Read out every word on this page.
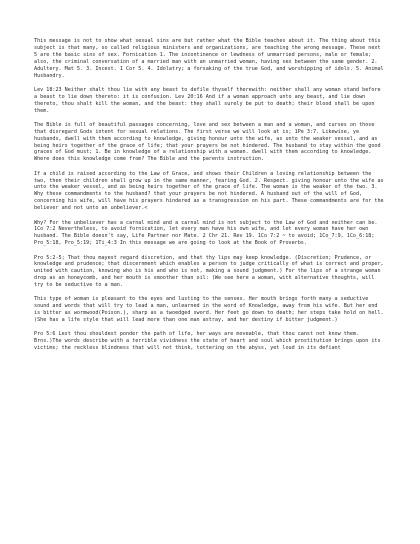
This message is not to show what sexual sins are but rather what the Bible teaches about it. The thing about this subject is that many, so called religious ministers and organizations, are teaching the wrong message. These next 5 are the basic sins of sex. Fornication 1. The incontinence or lewdness of unmarried persons, male or female; also, the criminal conversation of a married man with an unmarried woman, having sex between the same gender. 2. Adultery. Mat 5. 3. Incest. 1 Cor 5. 4. Idolatry; a forsaking of the true God, and worshipping of idols. 5. Animal Husbandry.

Lev 18:23 Neither shalt thou lie with any beast to defile thyself therewith: neither shall any woman stand before a beast to lie down thereto: it is confusion. Lev 20:16 And if a woman approach unto any beast, and lie down thereto, thou shalt kill the woman, and the beast: they shall surely be put to death; their blood shall be upon them.

The Bible is full of beautiful passages concerning, love and sex between a man and a woman, and curses on those that disregard Gods intent for sexual relations. The first verse we will look at is; 1Pe 3:7. Likewise, ye husbands, dwell with them according to knowledge, giving honour unto the wife, as unto the weaker vessel, and as being heirs together of the grace of life; that your prayers be not hindered. The husband to stay within the good graces of God must; 1. Be in knowledge of a relationship with a woman. dwell with them according to knowledge. Where does this knowledge come from? The Bible and the parents instruction.

If a child is raised according to the Law of Grace, and shows their Children a loving relationship between the two, then their children shall grow up in the same manner, fearing God. 2. Respect. giving honour unto the wife as unto the weaker vessel, and as being heirs together of the grace of life. The woman is the weaker of the two. 3. Why these commandments to the husband? that your prayers be not hindered. A husband out of the will of God, concerning his wife, will have his prayers hindered as a transgression on his part. These commandments are for the believer and not unto an unbeliever.<

Why? For the unbeliever has a carnal mind and a carnal mind is not subject to the Law of God and neither can be. 1Co 7:2 Nevertheless, to avoid fornication, let every man have his own wife, and let every woman have her own husband. The Bible doesn't say, Life Partner nor Mate. 2 Chr 21. Rev 19. 1Co 7:2 ~ to avoid; 1Co_7:9, 1Co_6:18; Pro_5:18, Pro_5:19; 1Ti_4:3 In this message we are going to look at the Book of Proverbs.

Pro 5:2-5; That thou mayest regard discretion, and that thy lips may keep knowledge. (Discretion; Prudence, or knowledge and prudence; that discernment which enables a person to judge critically of what is correct and proper, united with caution, knowing who is his and who is not, making a sound judgment.) For the lips of a strange woman drop as an honeycomb, and her mouth is smoother than oil: (We see here a woman, with alternative thoughts, will try to be seductive to a man.

This type of woman is pleasant to the eyes and lusting to the senses. Her mouth brings forth many a seductive sound and words that will try to lead a man, unlearned in the word of Knowledge, away from his wife. But her end is bitter as wormwood(Poison.), sharp as a twoedged sword. Her feet go down to death; her steps take hold on hell. (She has a life style that will lead more than one man astray, and her destiny if bitter judgment.)

Pro 5:6 Lest thou shouldest ponder the path of life, her ways are moveable, that thou canst not know them. Brns.)The words describe with a terrible vividness the state of heart and soul which prostitution brings upon its victims; the reckless blindness that will not think, tottering on the abyss, yet loud in its defiant
